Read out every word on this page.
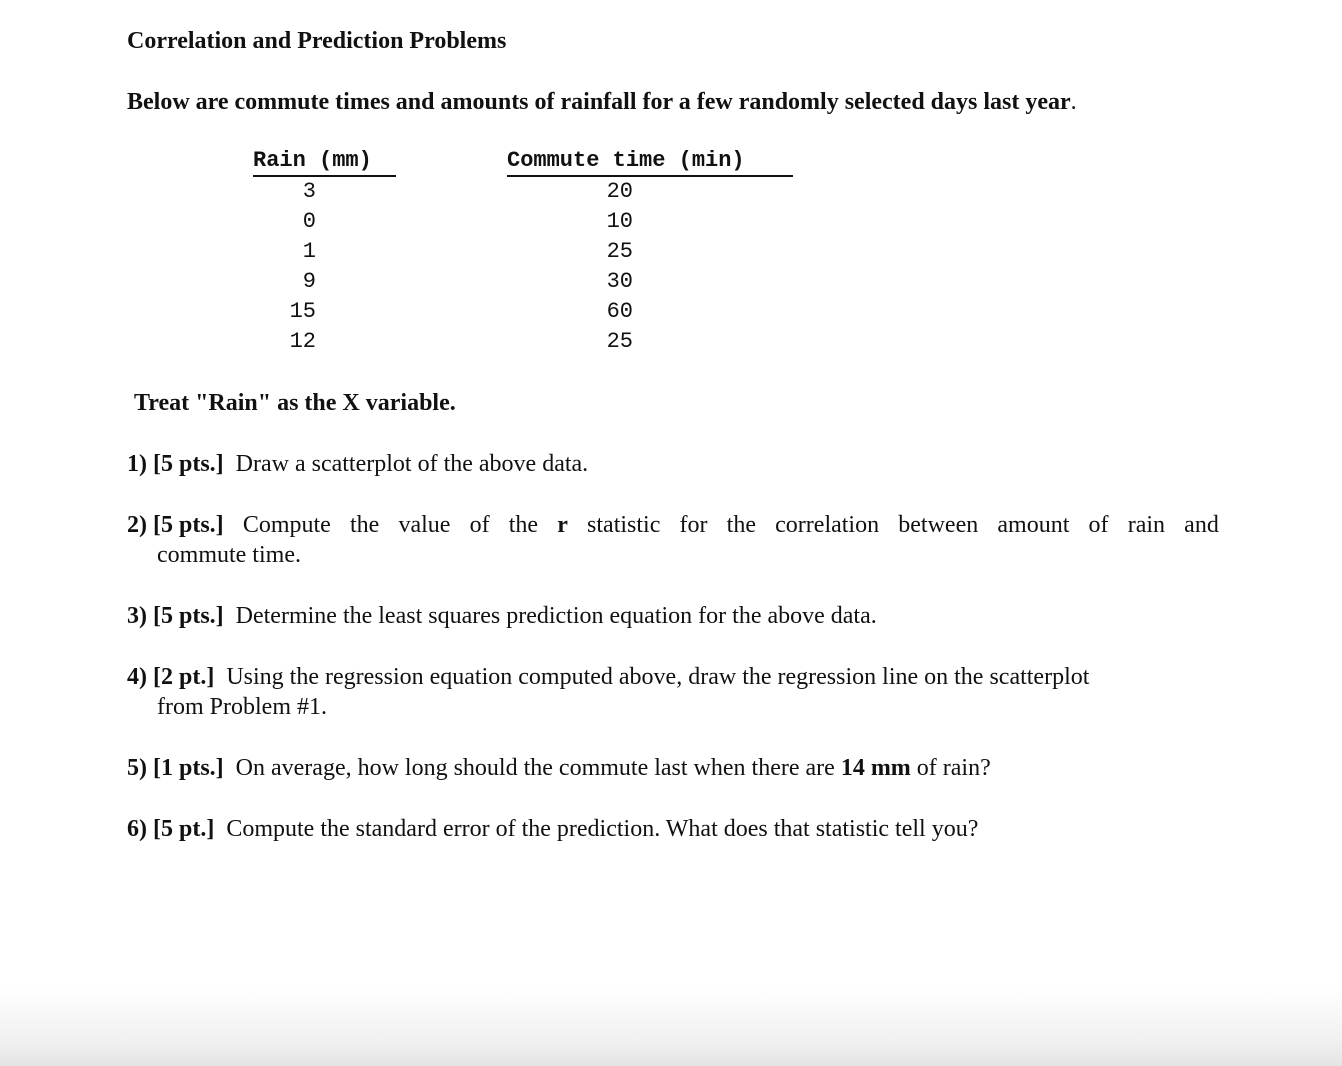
Correlation and Prediction Problems
Below are commute times and amounts of rainfall for a few randomly selected days last year.
Rain (mm)	Commute time (min)
3
0
1
9
15
12
20
10
25
30
60
25
Treat "Rain" as the X variable.
1) [5 pts.] Draw a scatterplot of the above data.
2) [5 pts.] Compute the value of the r statistic for the correlation between amount of rain and
commute time.
3) [5 pts.] Determine the least squares prediction equation for the above data.
4) [2 pt.] Using the regression equation computed above, draw the regression line on the scatterplot
from Problem #1.
5) [1 pts.] On average, how long should the commute last when there are 14 mm of rain?
6) [5 pt.] Compute the standard error of the prediction. What does that statistic tell you?
